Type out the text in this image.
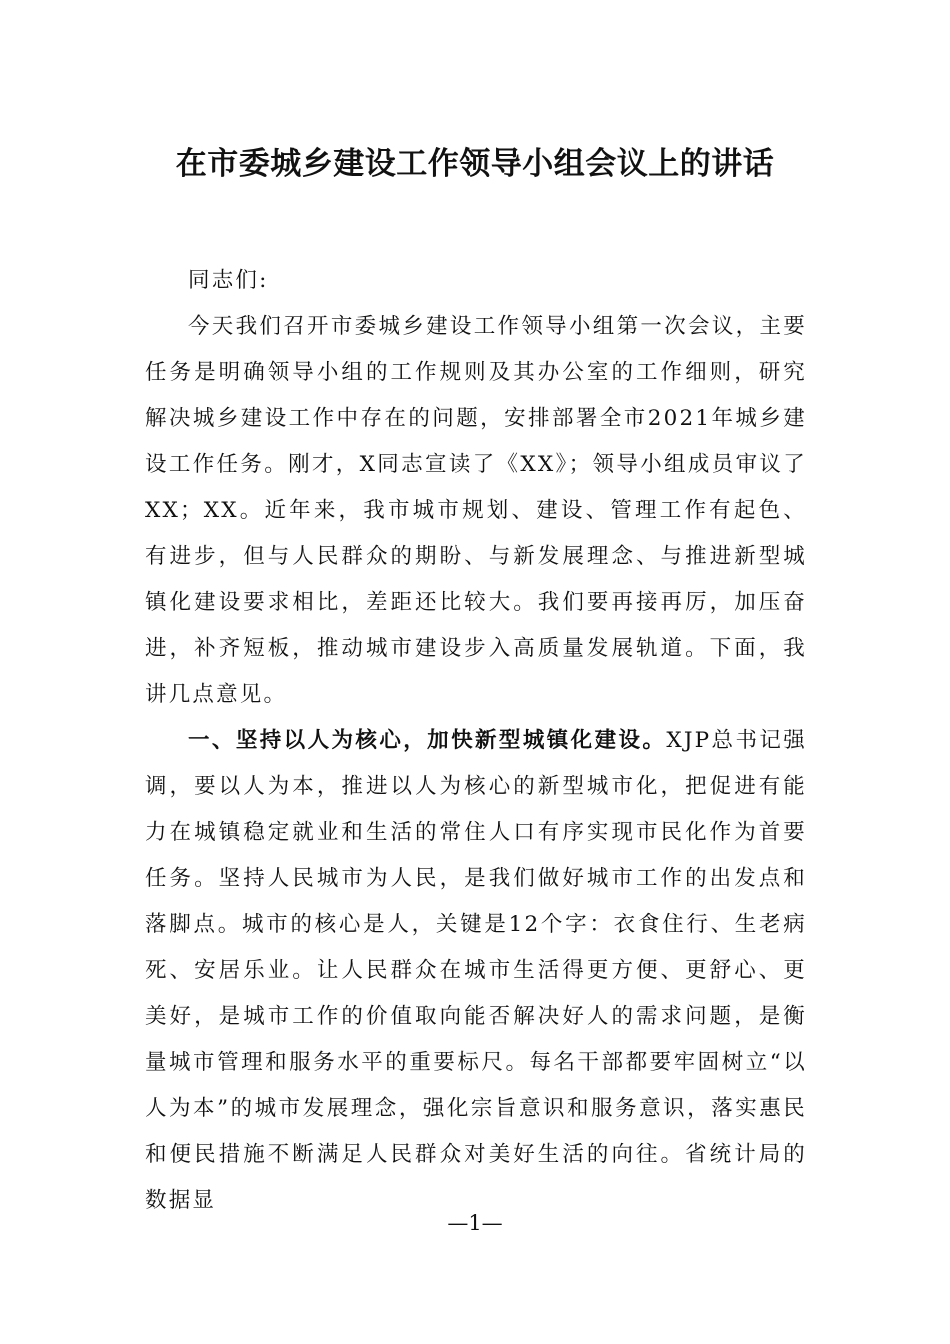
在市委城乡建设工作领导小组会议上的讲话

同志们:

今天我们召开市委城乡建设工作领导小组第一次会议，主要任务是明确领导小组的工作规则及其办公室的工作细则，研究解决城乡建设工作中存在的问题，安排部署全市2021年城乡建设工作任务。刚才，X同志宣读了《XX》；领导小组成员审议了XX；XX。近年来，我市城市规划、建设、管理工作有起色、有进步，但与人民群众的期盼、与新发展理念、与推进新型城镇化建设要求相比，差距还比较大。我们要再接再厉，加压奋进，补齐短板，推动城市建设步入高质量发展轨道。下面，我讲几点意见。

一、坚持以人为核心，加快新型城镇化建设。XJP总书记强调，要以人为本，推进以人为核心的新型城市化，把促进有能力在城镇稳定就业和生活的常住人口有序实现市民化作为首要任务。坚持人民城市为人民，是我们做好城市工作的出发点和落脚点。城市的核心是人，关键是12个字：衣食住行、生老病死、安居乐业。让人民群众在城市生活得更方便、更舒心、更美好，是城市工作的价值取向能否解决好人的需求问题，是衡量城市管理和服务水平的重要标尺。每名干部都要牢固树立“以人为本”的城市发展理念，强化宗旨意识和服务意识，落实惠民和便民措施不断满足人民群众对美好生活的向往。省统计局的数据显

—1—
